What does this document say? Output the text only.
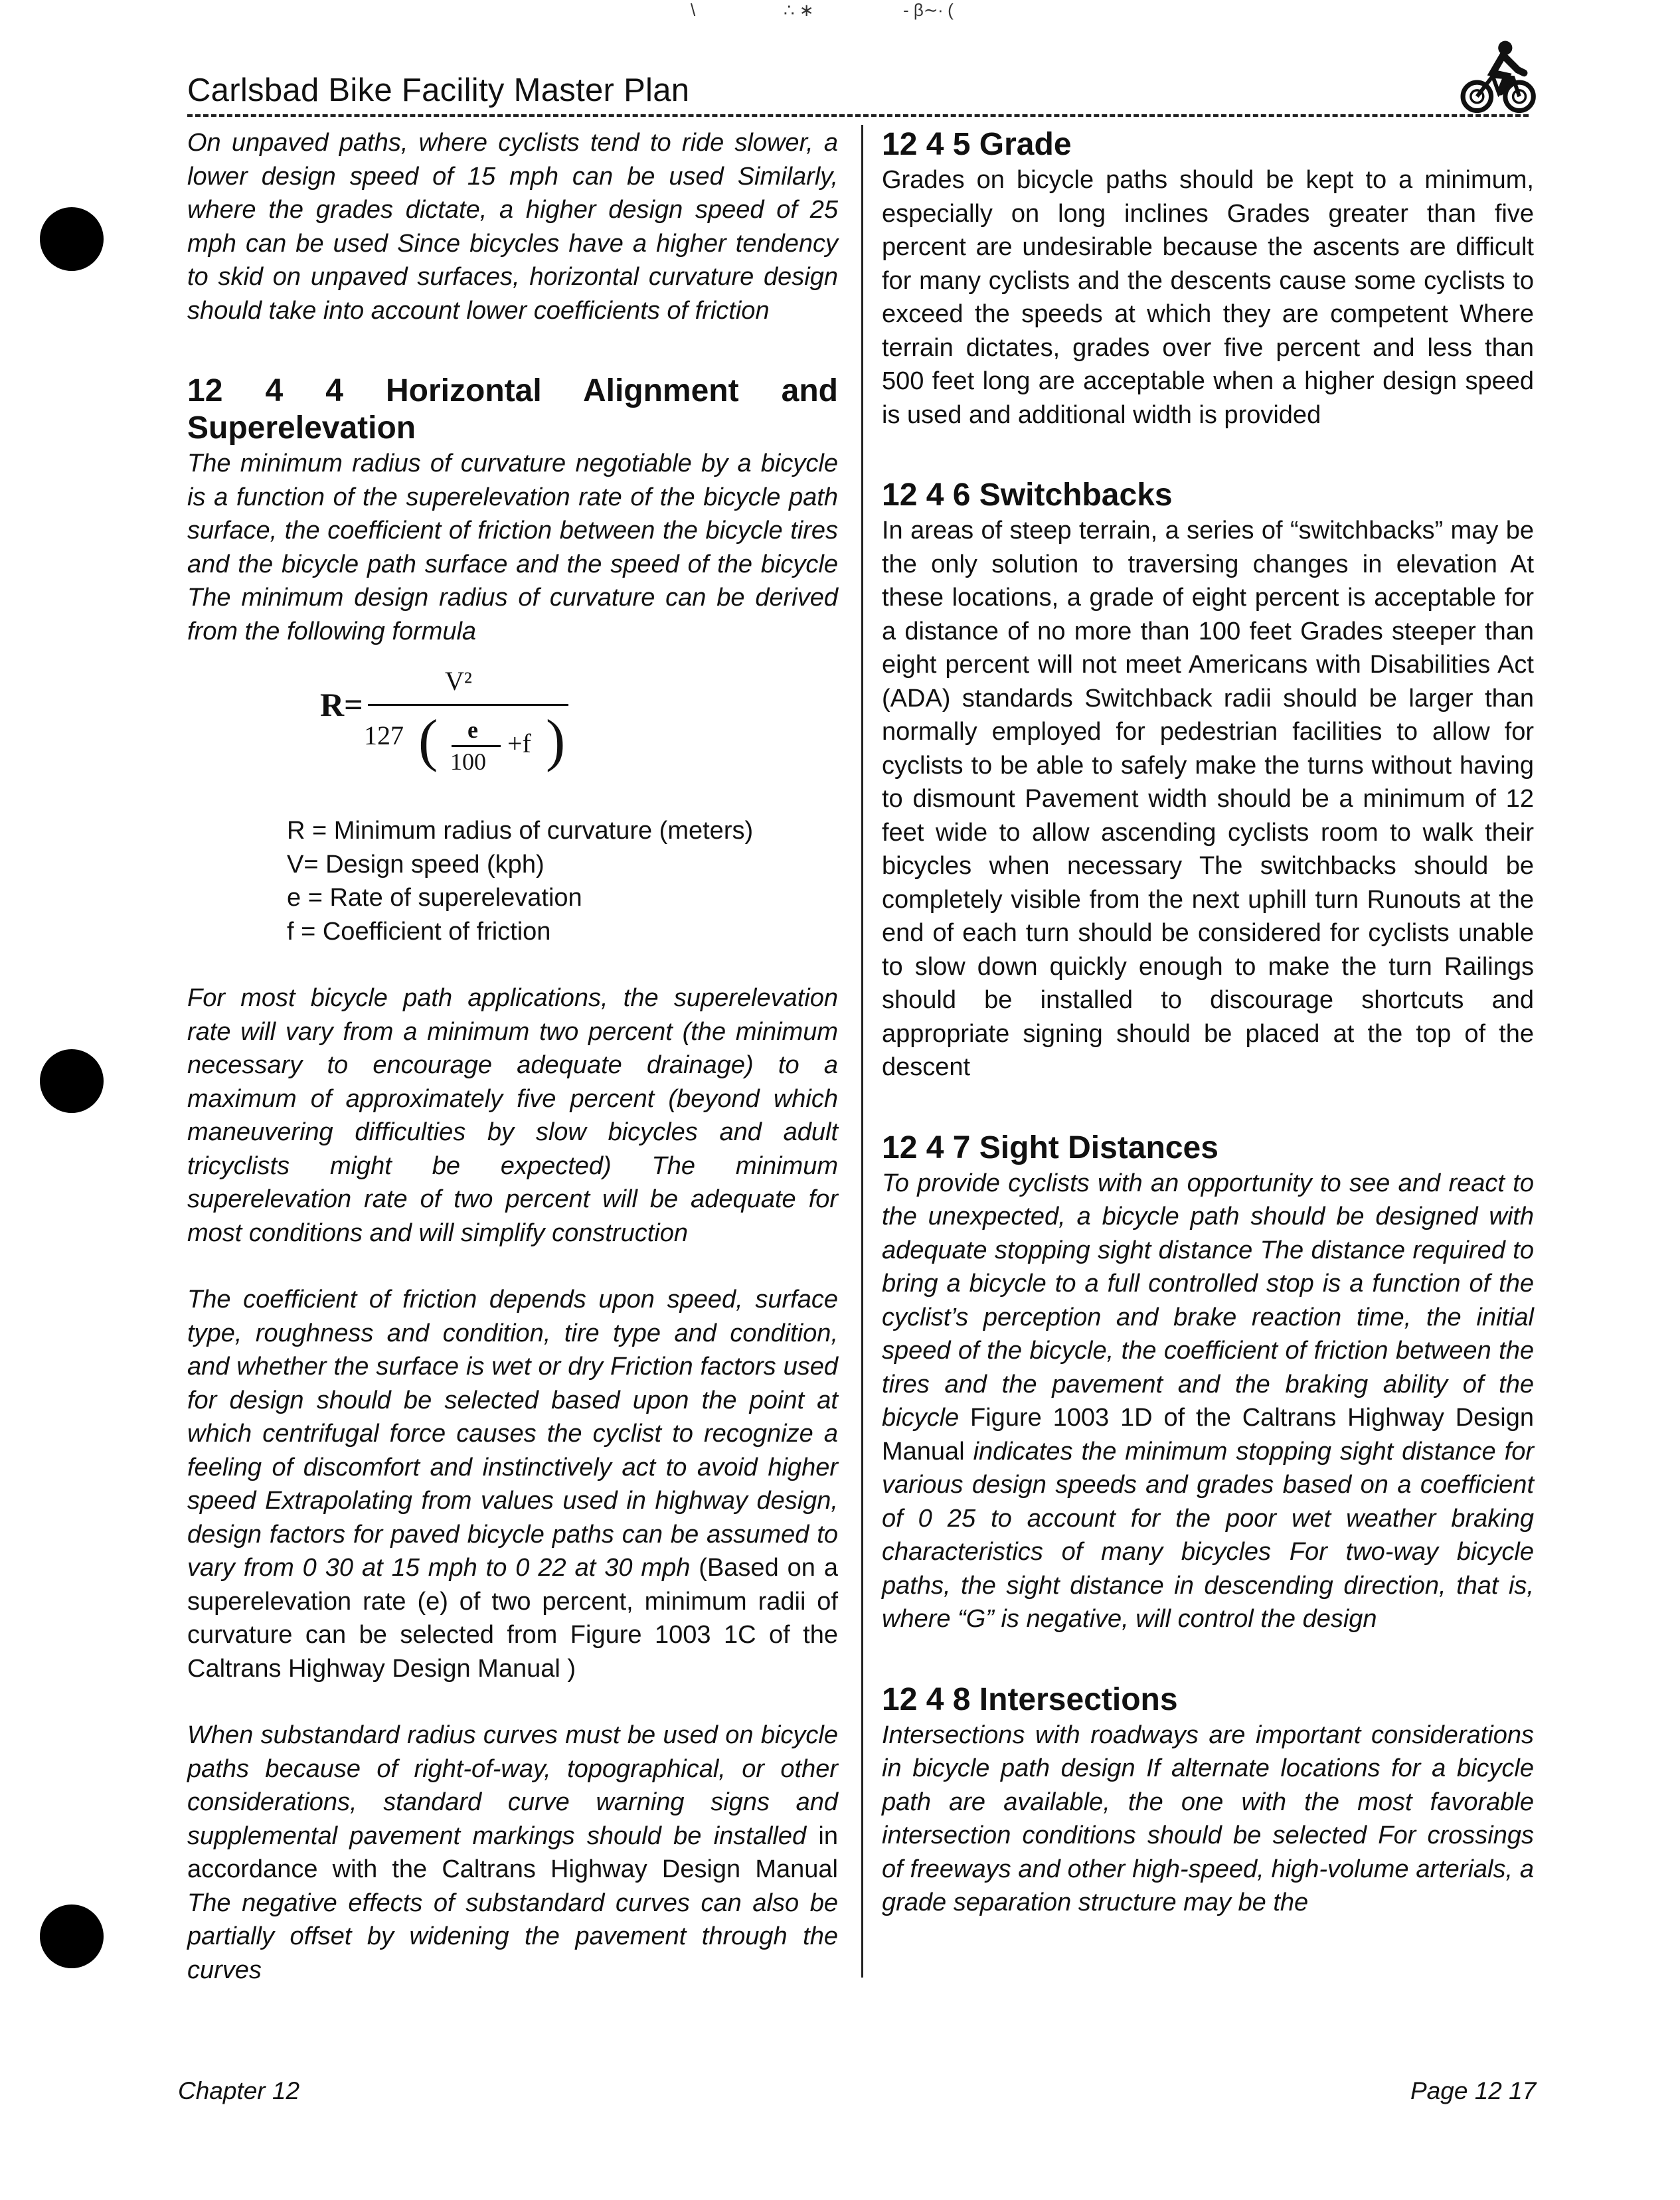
\	∴ ∗	- β∼∙ (
Carlsbad Bike Facility Master Plan

On unpaved paths, where cyclists tend to ride slower, a lower design speed of 15 mph can be used Similarly, where the grades dictate, a higher design speed of 25 mph can be used Since bicycles have a higher tendency to skid on unpaved surfaces, horizontal curvature design should take into account lower coefficients of friction

12 4 4 Horizontal Alignment and Superelevation

The minimum radius of curvature negotiable by a bicycle is a function of the superelevation rate of the bicycle path surface, the coefficient of friction between the bicycle tires and the bicycle path surface and the speed of the bicycle The minimum design radius of curvature can be derived from the following formula

R=
V²
127 ( e
100
+f )

R = Minimum radius of curvature (meters)

V= Design speed (kph)

e = Rate of superelevation

f = Coefficient of friction

For most bicycle path applications, the superelevation rate will vary from a minimum two percent (the minimum necessary to encourage adequate drainage) to a maximum of approximately five percent (beyond which maneuvering difficulties by slow bicycles and adult tricyclists might be expected) The minimum superelevation rate of two percent will be adequate for most conditions and will simplify construction

The coefficient of friction depends upon speed, surface type, roughness and condition, tire type and condition, and whether the surface is wet or dry Friction factors used for design should be selected based upon the point at which centrifugal force causes the cyclist to recognize a feeling of discomfort and instinctively act to avoid higher speed Extrapolating from values used in highway design, design factors for paved bicycle paths can be assumed to vary from 0 30 at 15 mph to 0 22 at 30 mph (Based on a superelevation rate (e) of two percent, minimum radii of curvature can be selected from Figure 1003 1C of the Caltrans Highway Design Manual )

When substandard radius curves must be used on bicycle paths because of right-of-way, topographical, or other considerations, standard curve warning signs and supplemental pavement markings should be installed in accordance with the Caltrans Highway Design Manual The negative effects of substandard curves can also be partially offset by widening the pavement through the curves

12 4 5 Grade

Grades on bicycle paths should be kept to a minimum, especially on long inclines Grades greater than five percent are undesirable because the ascents are difficult for many cyclists and the descents cause some cyclists to exceed the speeds at which they are competent Where terrain dictates, grades over five percent and less than 500 feet long are acceptable when a higher design speed is used and additional width is provided

12 4 6 Switchbacks

In areas of steep terrain, a series of “switchbacks” may be the only solution to traversing changes in elevation At these locations, a grade of eight percent is acceptable for a distance of no more than 100 feet Grades steeper than eight percent will not meet Americans with Disabilities Act (ADA) standards Switchback radii should be larger than normally employed for pedestrian facilities to allow for cyclists to be able to safely make the turns without having to dismount Pavement width should be a minimum of 12 feet wide to allow ascending cyclists room to walk their bicycles when necessary The switchbacks should be completely visible from the next uphill turn Runouts at the end of each turn should be considered for cyclists unable to slow down quickly enough to make the turn Railings should be installed to discourage shortcuts and appropriate signing should be placed at the top of the descent

12 4 7 Sight Distances

To provide cyclists with an opportunity to see and react to the unexpected, a bicycle path should be designed with adequate stopping sight distance The distance required to bring a bicycle to a full controlled stop is a function of the cyclist’s perception and brake reaction time, the initial speed of the bicycle, the coefficient of friction between the tires and the pavement and the braking ability of the bicycle Figure 1003 1D of the Caltrans Highway Design Manual indicates the minimum stopping sight distance for various design speeds and grades based on a coefficient of 0 25 to account for the poor wet weather braking characteristics of many bicycles For two-way bicycle paths, the sight distance in descending direction, that is, where “G” is negative, will control the design

12 4 8 Intersections

Intersections with roadways are important considerations in bicycle path design If alternate locations for a bicycle path are available, the one with the most favorable intersection conditions should be selected For crossings of freeways and other high-speed, high-volume arterials, a grade separation structure may be the

Chapter 12	Page 12 17
